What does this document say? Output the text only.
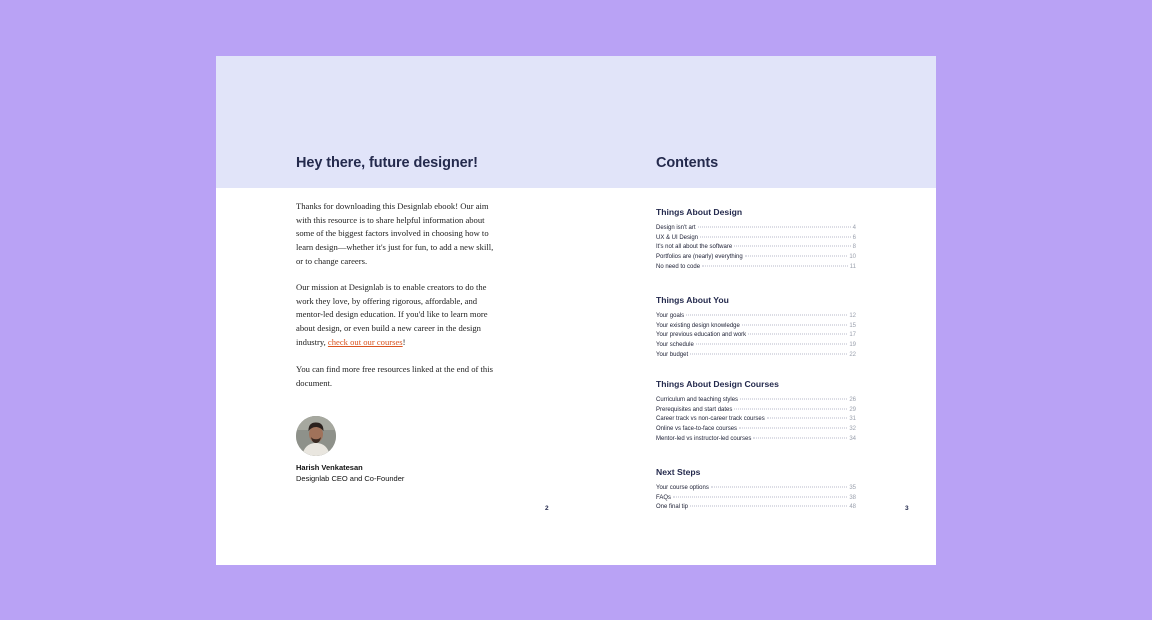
Hey there, future designer!

Thanks for downloading this Designlab ebook! Our aim with this resource is to share helpful information about some of the biggest factors involved in choosing how to learn design—whether it's just for fun, to add a new skill, or to change careers.

Our mission at Designlab is to enable creators to do the work they love, by offering rigorous, affordable, and mentor-led design education. If you'd like to learn more about design, or even build a new career in the design industry, check out our courses!

You can find more free resources linked at the end of this document.

Harish Venkatesan
Designlab CEO and Co-Founder
2
Contents
Things About Design
Design isn't art	4
UX & UI Design	6
It's not all about the software	8
Portfolios are (nearly) everything	10
No need to code	11
Things About You
Your goals	12
Your existing design knowledge	15
Your previous education and work	17
Your schedule	19
Your budget	22
Things About Design Courses
Curriculum and teaching styles	26
Prerequisites and start dates	29
Career track vs non-career track courses	31
Online vs face-to-face courses	32
Mentor-led vs instructor-led courses	34
Next Steps
Your course options	35
FAQs	38
One final tip	48	3
